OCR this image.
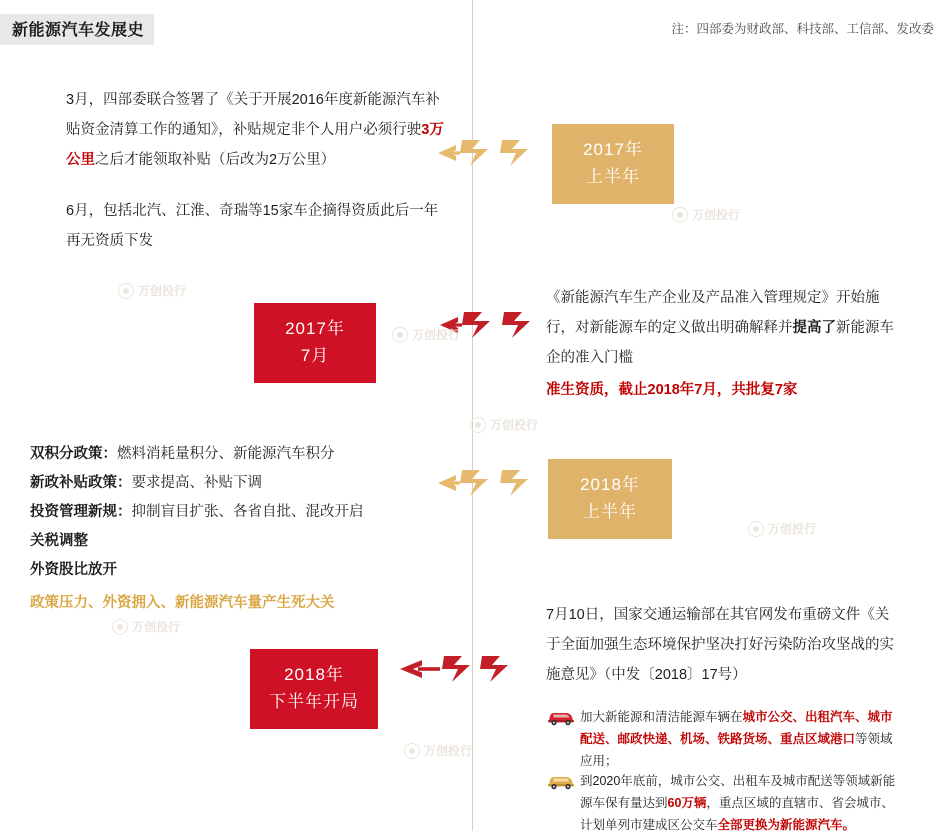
新能源汽车发展史	注：四部委为财政部、科技部、工信部、发改委
3月，四部委联合签署了《关于开展2016年度新能源汽车补贴资金清算工作的通知》，补贴规定非个人用户必须行驶3万公里之后才能领取补贴（后改为2万公里）
6月，包括北汽、江淮、奇瑞等15家车企摘得资质此后一年再无资质下发
《新能源汽车生产企业及产品准入管理规定》开始施行，对新能源车的定义做出明确解释并提高了新能源车企的准入门槛
准生资质，截止2018年7月，共批复7家
双积分政策：燃料消耗量积分、新能源汽车积分
新政补贴政策：要求提高、补贴下调
投资管理新规：抑制盲目扩张、各省自批、混改开启
关税调整
外资股比放开
政策压力、外资拥入、新能源汽车量产生死大关
7月10日，国家交通运输部在其官网发布重磅文件《关于全面加强生态环境保护坚决打好污染防治攻坚战的实施意见》（中发〔2018〕17号）
加大新能源和清洁能源车辆在城市公交、出租汽车、城市配送、邮政快递、机场、铁路货场、重点区域港口等领域应用；
到2020年底前，城市公交、出租车及城市配送等领域新能源车保有量达到60万辆，重点区域的直辖市、省会城市、计划单列市建成区公交车全部更换为新能源汽车。
2017年
上半年
2017年
7月
2018年
上半年
2018年
下半年开局
万创投行
万创投行
万创投行
万创投行
万创投行
万创投行
万创投行
